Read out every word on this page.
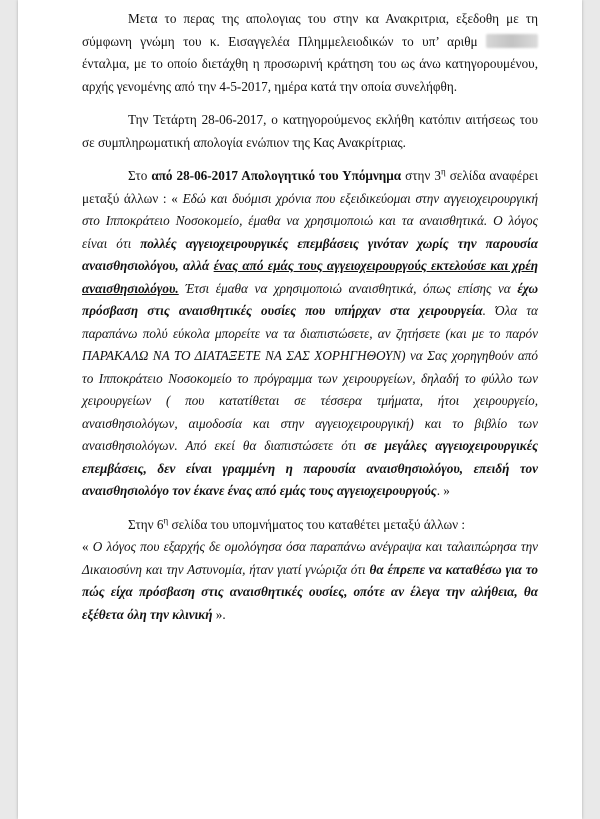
Μετα το περας της απολογιας του στην κα Ανακριτρια, εξεδοθη με τη σύμφωνη γνώμη του κ. Εισαγγελέα Πλημμελειοδικών το υπ’ αριθμ  ένταλμα, με το οποίο διετάχθη η προσωρινή κράτηση του ως άνω κατηγορουμένου, αρχής γενομένης από την 4-5-2017, ημέρα κατά την οποία συνελήφθη.

Την Τετάρτη 28-06-2017, ο κατηγορούμενος εκλήθη κατόπιν αιτήσεως του σε συμπληρωματική απολογία ενώπιον της Κας Ανακρίτριας.

Στο από 28-06-2017 Απολογητικό του Υπόμνημα στην $3^\eta$ σελίδα αναφέρει μεταξύ άλλων : « Εδώ και δυόμισι χρόνια που εξειδικεύομαι στην αγγειοχειρουργική στο Ιπποκράτειο Νοσοκομείο, έμαθα να χρησιμοποιώ και τα αναισθητικά. Ο λόγος είναι ότι πολλές αγγειοχειρουργικές επεμβάσεις γινόταν χωρίς την παρουσία αναισθησιολόγου, αλλά ένας από εμάς τους αγγειοχειρουργούς εκτελούσε και χρέη αναισθησιολόγου. Έτσι έμαθα να χρησιμοποιώ αναισθητικά, όπως επίσης να έχω πρόσβαση στις αναισθητικές ουσίες που υπήρχαν στα χειρουργεία. Όλα τα παραπάνω πολύ εύκολα μπορείτε να τα διαπιστώσετε, αν ζητήσετε (και με το παρόν ΠΑΡΑΚΑΛΩ ΝΑ ΤΟ ΔΙΑΤΑΞΕΤΕ ΝΑ ΣΑΣ ΧΟΡΗΓΗΘΟΥΝ) να Σας χορηγηθούν από το Ιπποκράτειο Νοσοκομείο το πρόγραμμα των χειρουργείων, δηλαδή το φύλλο των χειρουργείων ( που κατατίθεται σε τέσσερα τμήματα, ήτοι χειρουργείο, αναισθησιολόγων, αιμοδοσία και στην αγγειοχειρουργική) και το βιβλίο των αναισθησιολόγων. Από εκεί θα διαπιστώσετε ότι σε μεγάλες αγγειοχειρουργικές επεμβάσεις, δεν είναι γραμμένη η παρουσία αναισθησιολόγου, επειδή τον αναισθησιολόγο τον έκανε ένας από εμάς τους αγγειοχειρουργούς. »

Στην $6^\eta$ σελίδα του υπομνήματος του καταθέτει μεταξύ άλλων :

« Ο λόγος που εξαρχής δε ομολόγησα όσα παραπάνω ανέγραψα και ταλαιπώρησα την Δικαιοσύνη και την Αστυνομία, ήταν γιατί γνώριζα ότι θα έπρεπε να καταθέσω για το πώς είχα πρόσβαση στις αναισθητικές ουσίες, οπότε αν έλεγα την αλήθεια, θα εξέθετα όλη την κλινική ».
